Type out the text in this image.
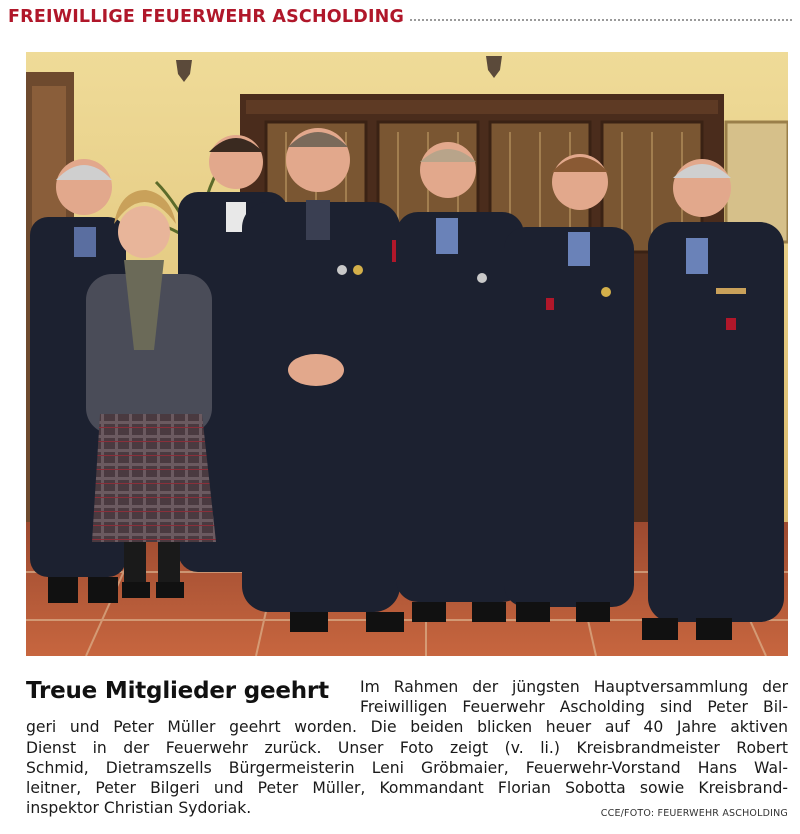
FREIWILLIGE FEUERWEHR ASCHOLDING
Treue Mitglieder geehrt	Im Rahmen der jüngsten Hauptversammlung der
Freiwilligen Feuerwehr Ascholding sind Peter Bil-
geri und Peter Müller geehrt worden. Die beiden blicken heuer auf 40 Jahre aktiven
Dienst in der Feuerwehr zurück. Unser Foto zeigt (v. li.) Kreisbrandmeister Robert
Schmid, Dietramszells Bürgermeisterin Leni Gröbmaier, Feuerwehr-Vorstand Hans Wal-
leitner, Peter Bilgeri und Peter Müller, Kommandant Florian Sobotta sowie Kreisbrand-
inspektor Christian Sydoriak.	CCE/FOTO: FEUERWEHR ASCHOLDING
